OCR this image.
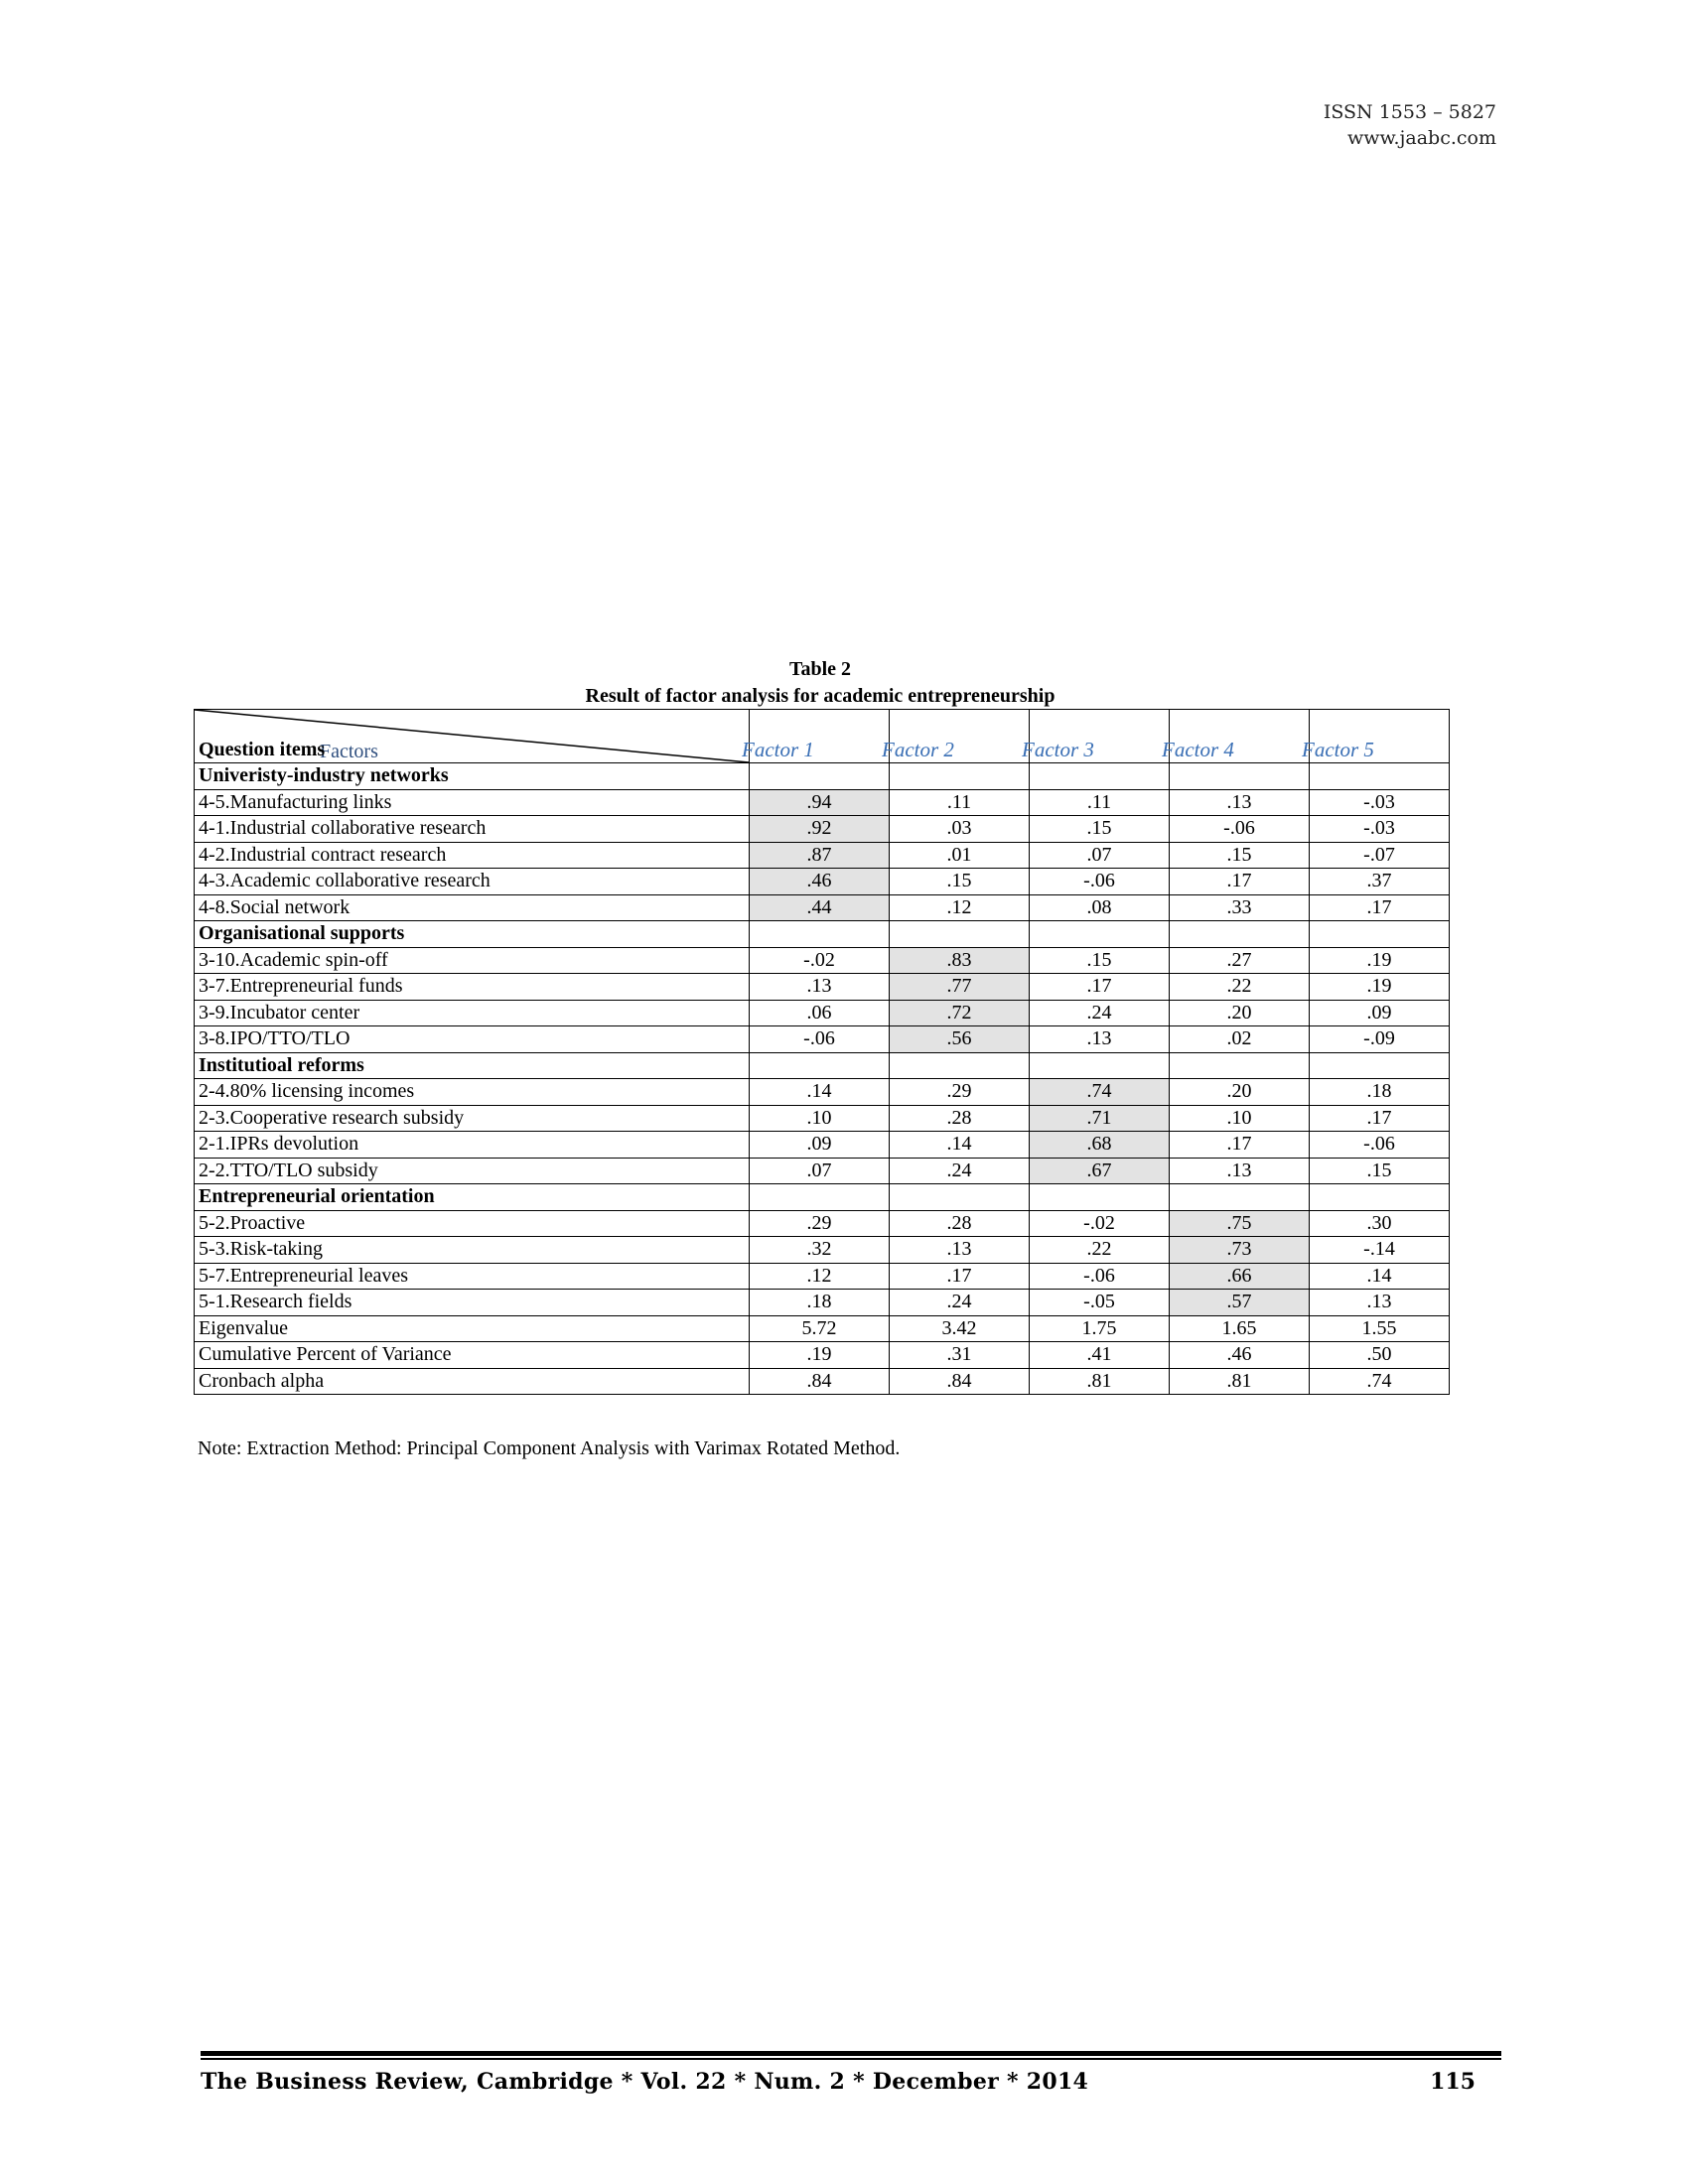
ISSN 1553 – 5827
www.jaabc.com
Table 2
Result of factor analysis for academic entrepreneurship
Factors
Question items	Factor 1	Factor 2	Factor 3	Factor 4	Factor 5

Univeristy-industry networks					
4-5.Manufacturing links	.94	.11	.11	.13	-.03
4-1.Industrial collaborative research	.92	.03	.15	-.06	-.03
4-2.Industrial contract research	.87	.01	.07	.15	-.07
4-3.Academic collaborative research	.46	.15	-.06	.17	.37
4-8.Social network	.44	.12	.08	.33	.17
Organisational supports					
3-10.Academic spin-off	-.02	.83	.15	.27	.19
3-7.Entrepreneurial funds	.13	.77	.17	.22	.19
3-9.Incubator center	.06	.72	.24	.20	.09
3-8.IPO/TTO/TLO	-.06	.56	.13	.02	-.09
Institutioal reforms					
2-4.80% licensing incomes	.14	.29	.74	.20	.18
2-3.Cooperative research subsidy	.10	.28	.71	.10	.17
2-1.IPRs devolution	.09	.14	.68	.17	-.06
2-2.TTO/TLO subsidy	.07	.24	.67	.13	.15
Entrepreneurial orientation					
5-2.Proactive	.29	.28	-.02	.75	.30
5-3.Risk-taking	.32	.13	.22	.73	-.14
5-7.Entrepreneurial leaves	.12	.17	-.06	.66	.14
5-1.Research fields	.18	.24	-.05	.57	.13
Eigenvalue	5.72	3.42	1.75	1.65	1.55
Cumulative Percent of Variance	.19	.31	.41	.46	.50
Cronbach alpha	.84	.84	.81	.81	.74
Note: Extraction Method: Principal Component Analysis with Varimax Rotated Method.
The Business Review, Cambridge * Vol. 22 * Num. 2 * December * 2014	115
